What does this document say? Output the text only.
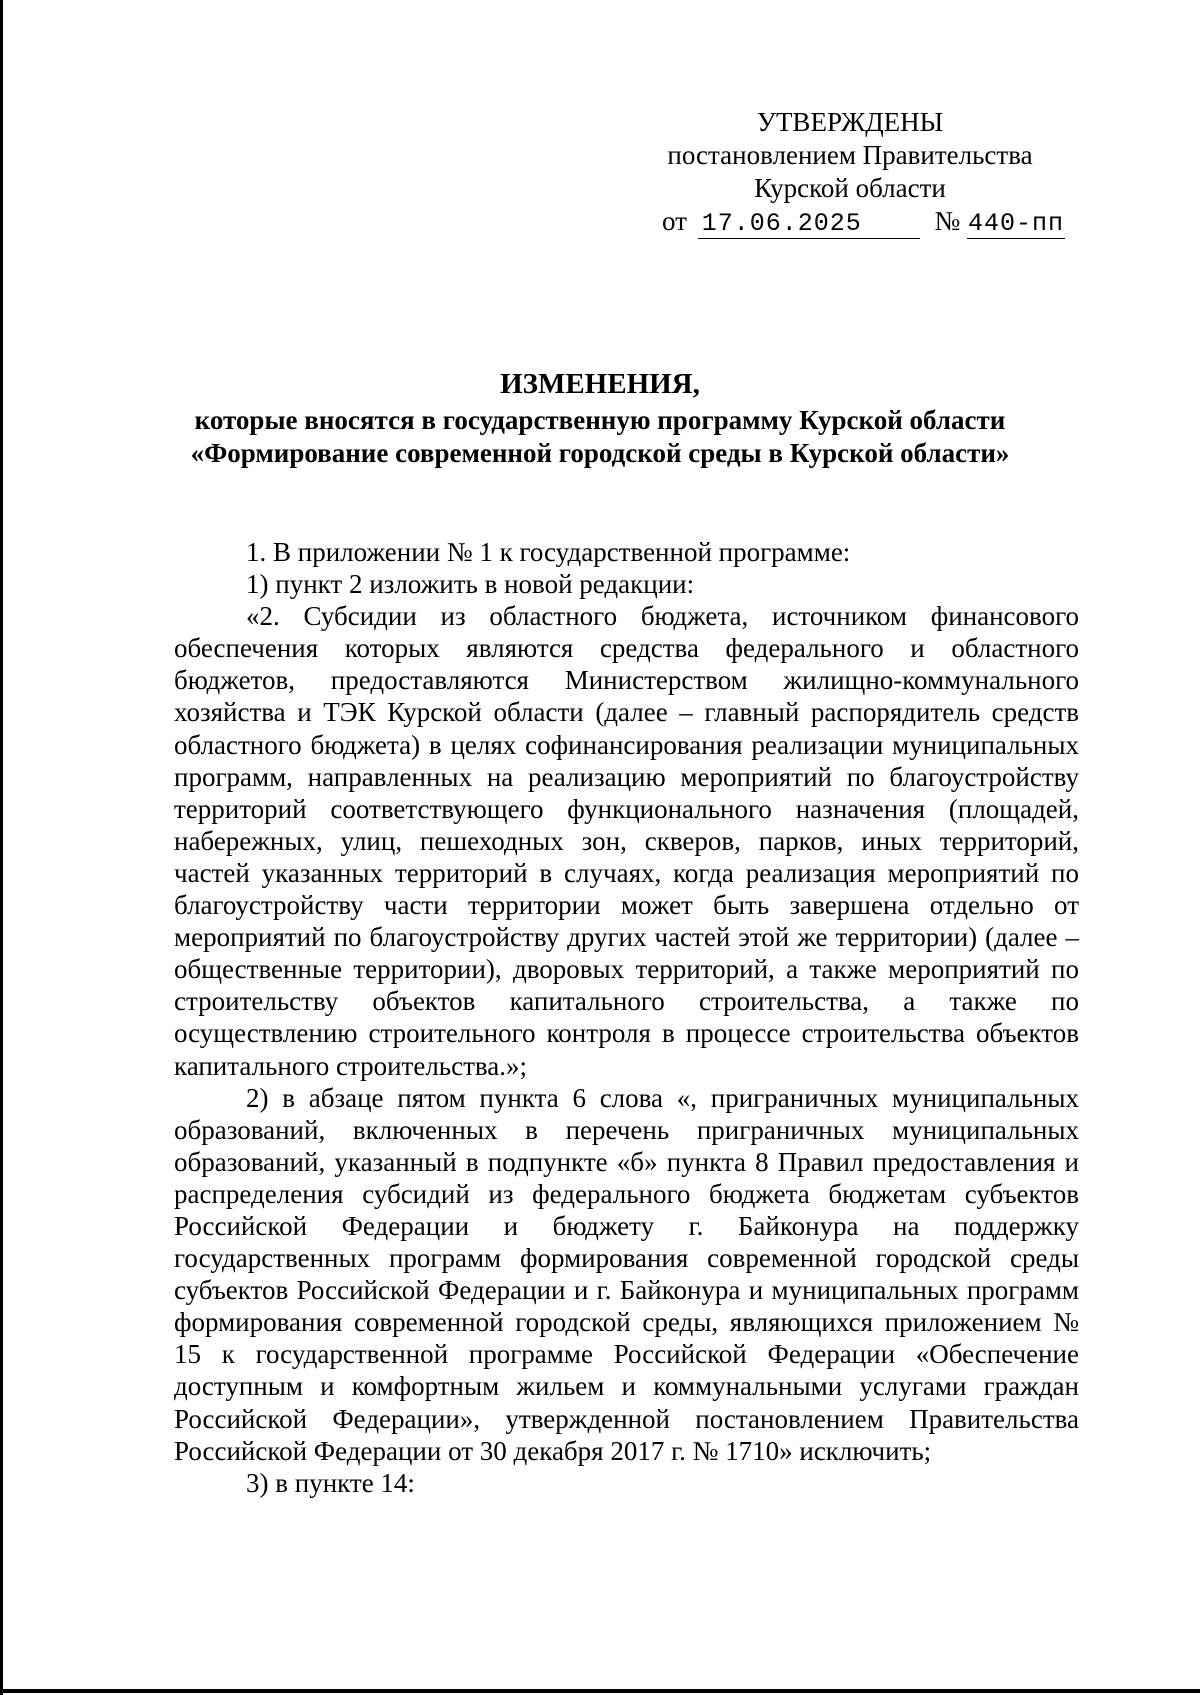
УТВЕРЖДЕНЫ
постановлением Правительства
Курской области
от 17.06.2025	№ 440-пп
ИЗМЕНЕНИЯ,
которые вносятся в государственную программу Курской области
«Формирование современной городской среды в Курской области»

1. В приложении № 1 к государственной программе:

1) пункт 2 изложить в новой редакции:

«2. Субсидии из областного бюджета, источником финансового обеспечения которых являются средства федерального и областного бюджетов, предоставляются Министерством жилищно-коммунального хозяйства и ТЭК Курской области (далее – главный распорядитель средств областного бюджета) в целях софинансирования реализации муниципальных программ, направленных на реализацию мероприятий по благоустройству территорий соответствующего функционального назначения (площадей, набережных, улиц, пешеходных зон, скверов, парков, иных территорий, частей указанных территорий в случаях, когда реализация мероприятий по благоустройству части территории может быть завершена отдельно от мероприятий по благоустройству других частей этой же территории) (далее – общественные территории), дворовых территорий, а также мероприятий по строительству объектов капитального строительства, а также по осуществлению строительного контроля в процессе строительства объектов капитального строительства.»;

2) в абзаце пятом пункта 6 слова «, приграничных муниципальных образований, включенных в перечень приграничных муниципальных образований, указанный в подпункте «б» пункта 8 Правил предоставления и распределения субсидий из федерального бюджета бюджетам субъектов Российской Федерации и бюджету г. Байконура на поддержку государственных программ формирования современной городской среды субъектов Российской Федерации и г. Байконура и муниципальных программ формирования современной городской среды, являющихся приложением № 15 к государственной программе Российской Федерации «Обеспечение доступным и комфортным жильем и коммунальными услугами граждан Российской Федерации», утвержденной постановлением Правительства Российской Федерации от 30 декабря 2017 г. № 1710» исключить;

3) в пункте 14:
